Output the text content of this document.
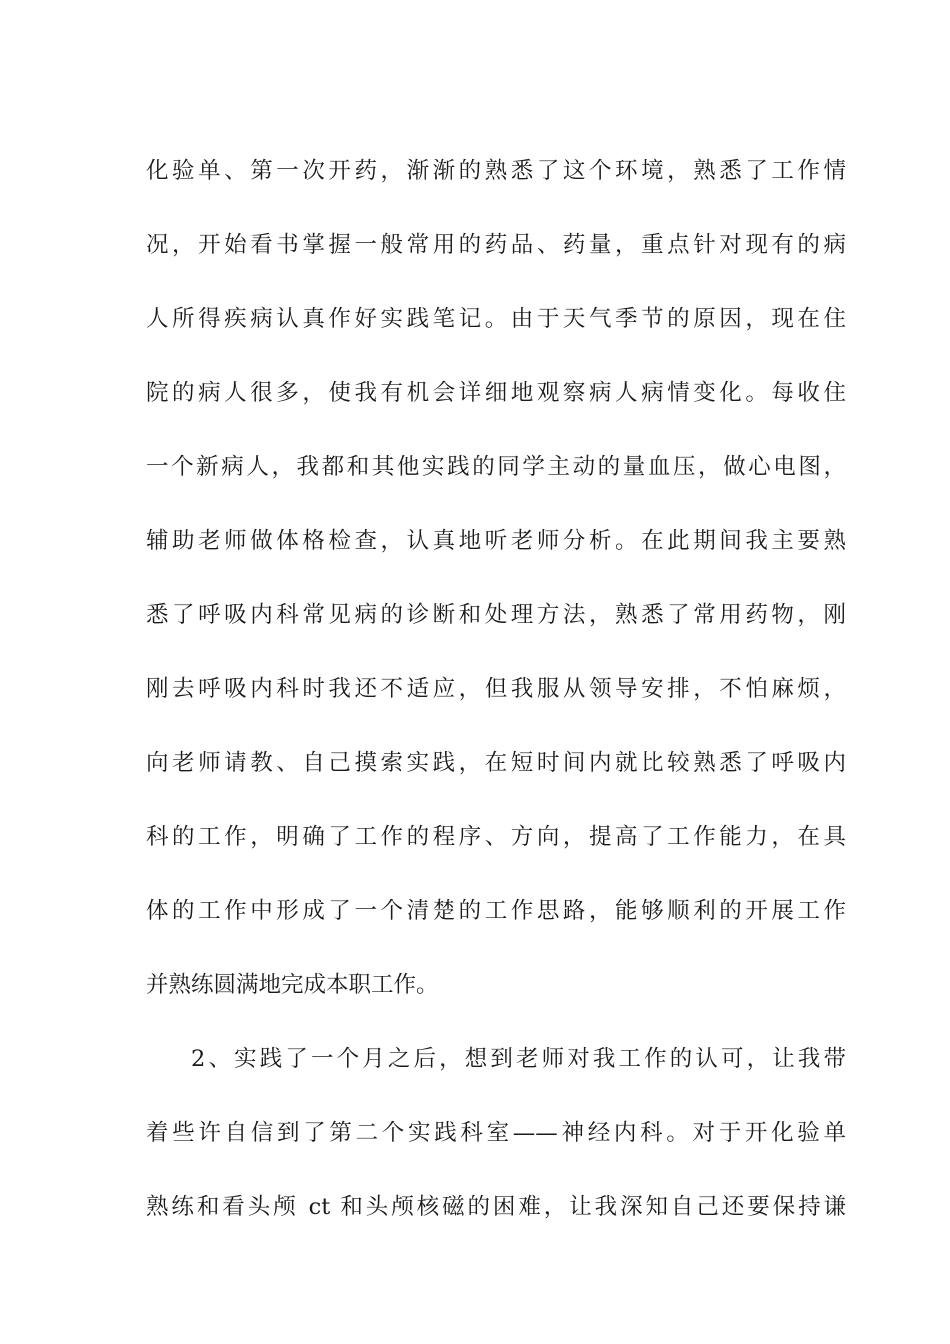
化验单、第一次开药，渐渐的熟悉了这个环境，熟悉了工作情
况，开始看书掌握一般常用的药品、药量，重点针对现有的病
人所得疾病认真作好实践笔记。由于天气季节的原因，现在住
院的病人很多，使我有机会详细地观察病人病情变化。每收住
一个新病人，我都和其他实践的同学主动的量血压，做心电图，
辅助老师做体格检查，认真地听老师分析。在此期间我主要熟
悉了呼吸内科常见病的诊断和处理方法，熟悉了常用药物，刚
刚去呼吸内科时我还不适应，但我服从领导安排，不怕麻烦，
向老师请教、自己摸索实践，在短时间内就比较熟悉了呼吸内
科的工作，明确了工作的程序、方向，提高了工作能力，在具
体的工作中形成了一个清楚的工作思路，能够顺利的开展工作
并熟练圆满地完成本职工作。
2、实践了一个月之后，想到老师对我工作的认可，让我带
着些许自信到了第二个实践科室——神经内科。对于开化验单
熟练和看头颅 ct 和头颅核磁的困难，让我深知自己还要保持谦
